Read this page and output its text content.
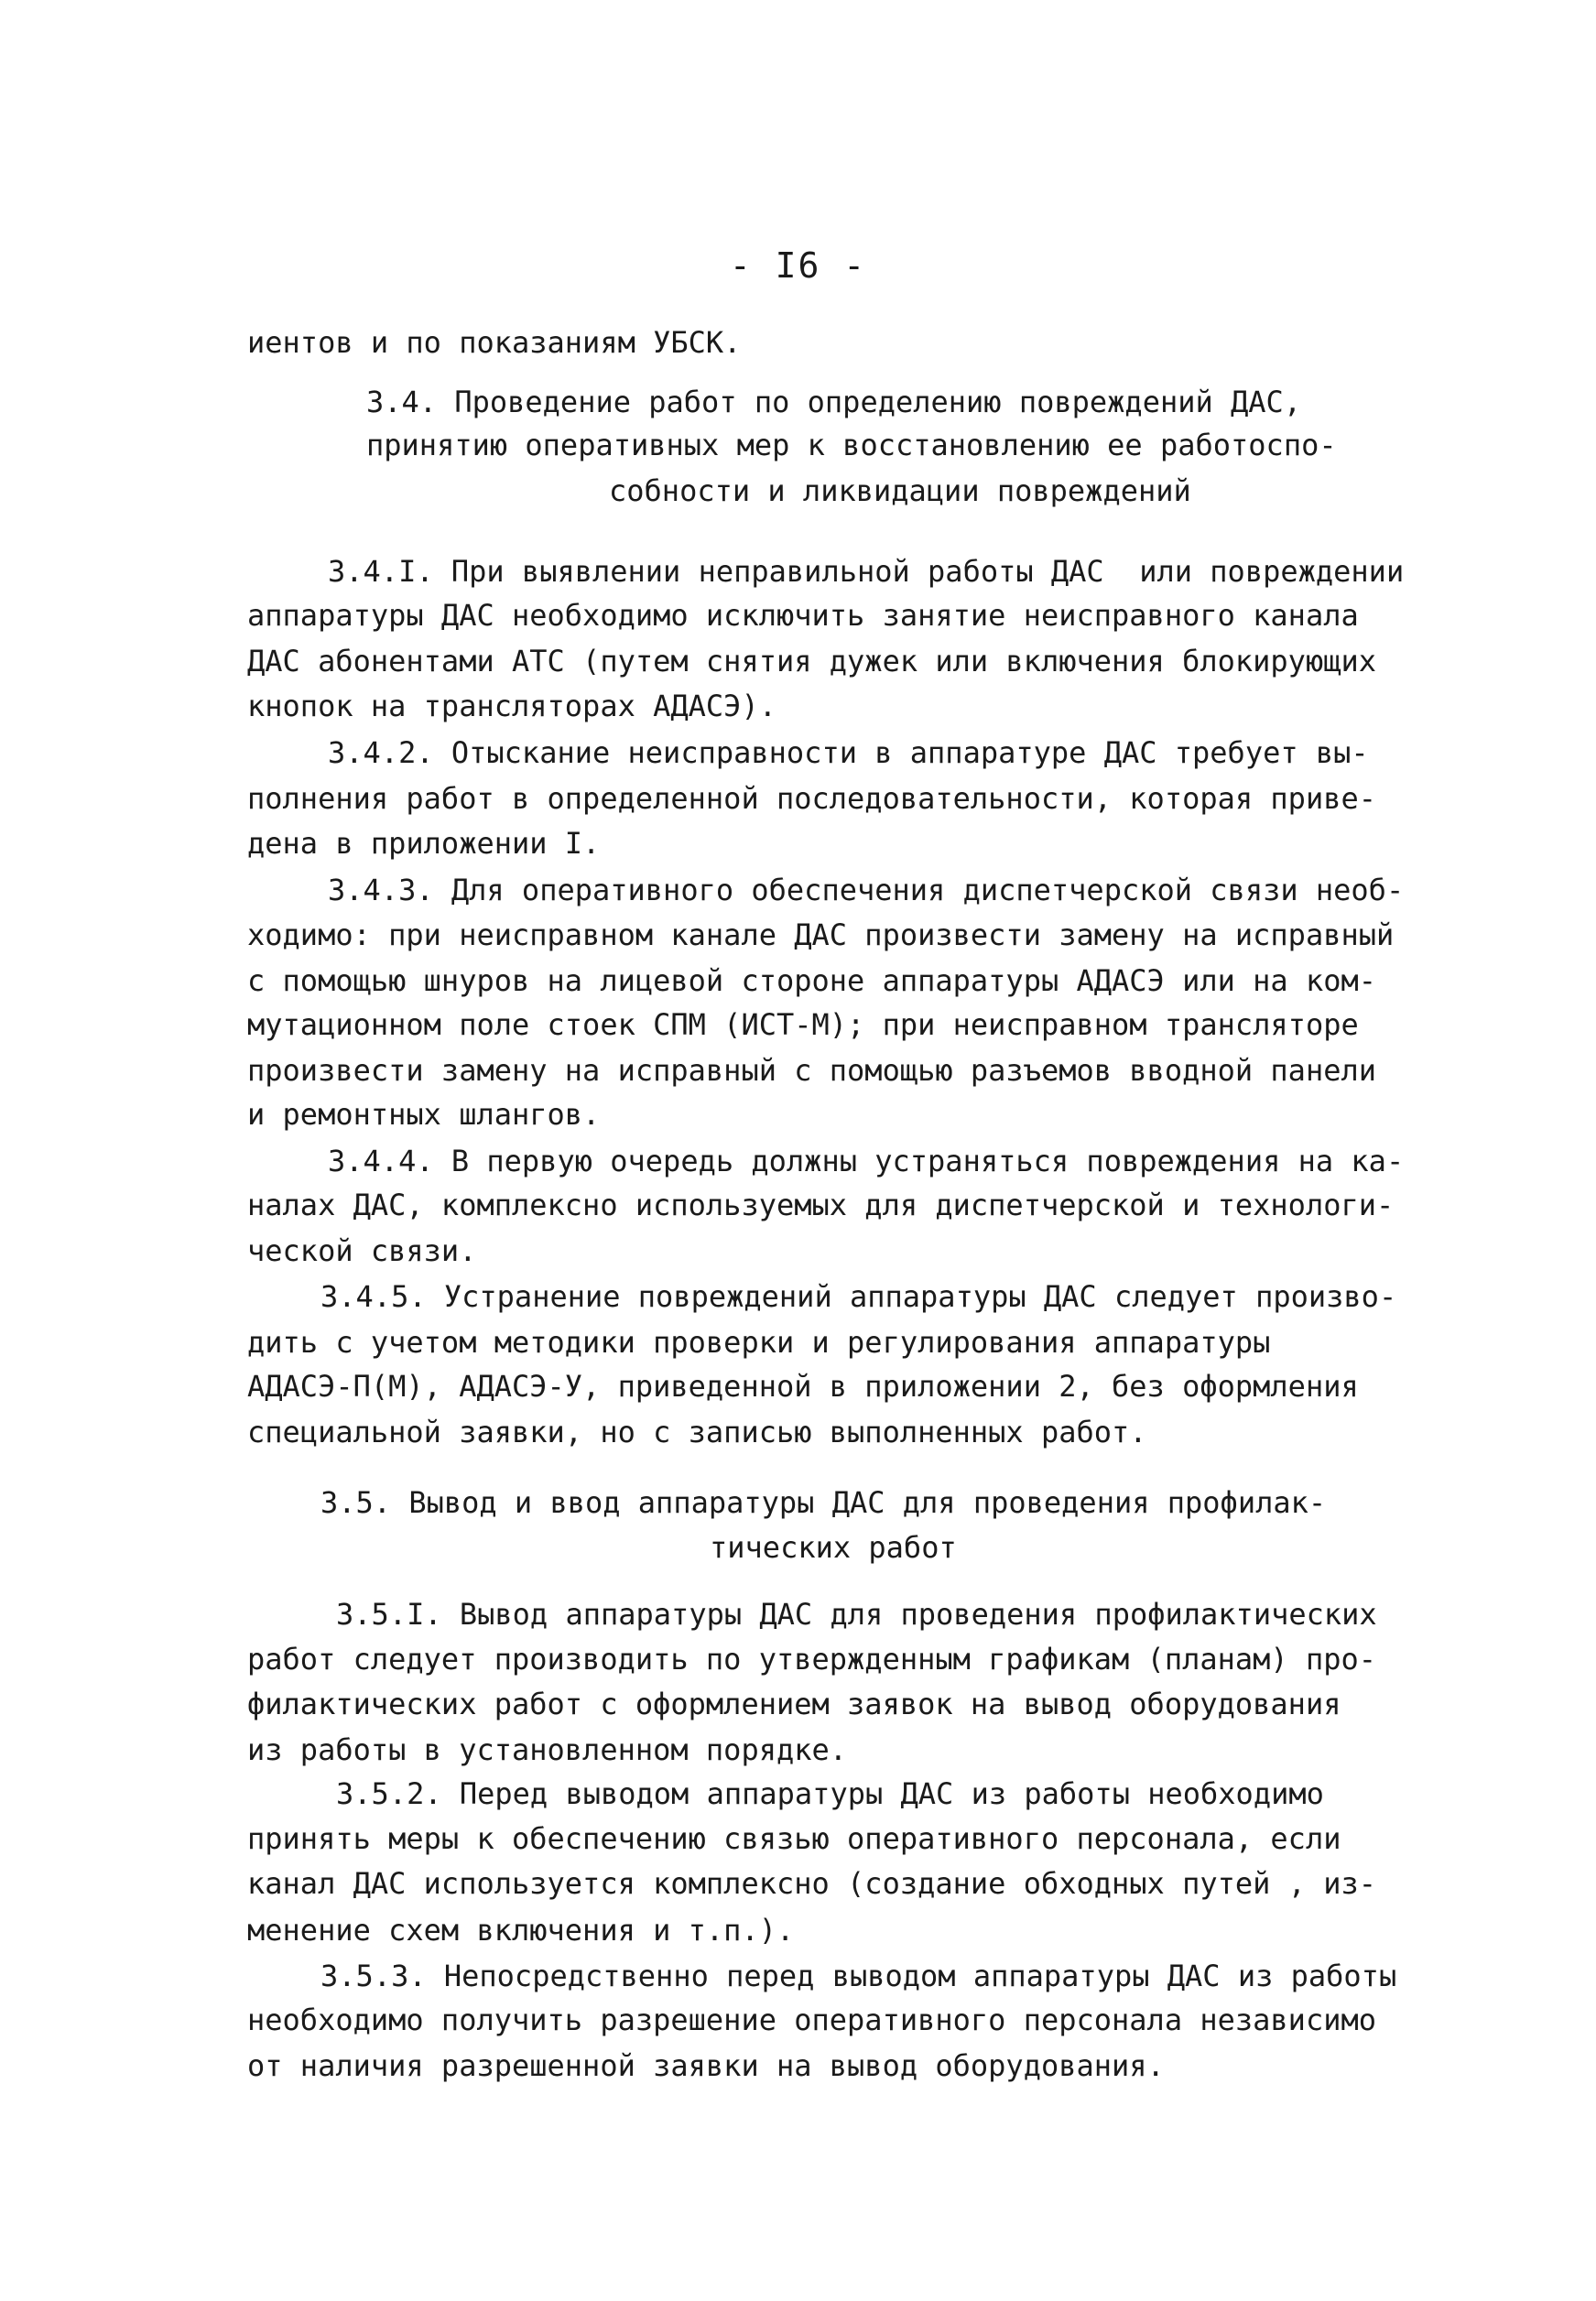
- I6 -
иентов и по показаниям УБСК.
3.4. Проведение работ по определению повреждений ДАС,
принятию оперативных мер к восстановлению ее работоспо-
собности и ликвидации повреждений
3.4.I. При выявлении неправильной работы ДАС  или повреждении
аппаратуры ДАС необходимо исключить занятие неисправного канала
ДАС абонентами АТС (путем снятия дужек или включения блокирующих
кнопок на трансляторах АДАСЭ).
3.4.2. Отыскание неисправности в аппаратуре ДАС требует вы-
полнения работ в определенной последовательности, которая приве-
дена в приложении I.
3.4.3. Для оперативного обеспечения диспетчерской связи необ-
ходимо: при неисправном канале ДАС произвести замену на исправный
с помощью шнуров на лицевой стороне аппаратуры АДАСЭ или на ком-
мутационном поле стоек СПМ (ИСТ-М); при неисправном трансляторе
произвести замену на исправный с помощью разъемов вводной панели
и ремонтных шлангов.
3.4.4. В первую очередь должны устраняться повреждения на ка-
налах ДАС, комплексно используемых для диспетчерской и технологи-
ческой связи.
3.4.5. Устранение повреждений аппаратуры ДАС следует произво-
дить с учетом методики проверки и регулирования аппаратуры
АДАСЭ-П(М), АДАСЭ-У, приведенной в приложении 2, без оформления
специальной заявки, но с записью выполненных работ.
3.5. Вывод и ввод аппаратуры ДАС для проведения профилак-
тических работ
3.5.I. Вывод аппаратуры ДАС для проведения профилактических
работ следует производить по утвержденным графикам (планам) про-
филактических работ с оформлением заявок на вывод оборудования
из работы в установленном порядке.
3.5.2. Перед выводом аппаратуры ДАС из работы необходимо
принять меры к обеспечению связью оперативного персонала, если
канал ДАС используется комплексно (создание обходных путей , из-
менение схем включения и т.п.).
3.5.3. Непосредственно перед выводом аппаратуры ДАС из работы
необходимо получить разрешение оперативного персонала независимо
от наличия разрешенной заявки на вывод оборудования.
